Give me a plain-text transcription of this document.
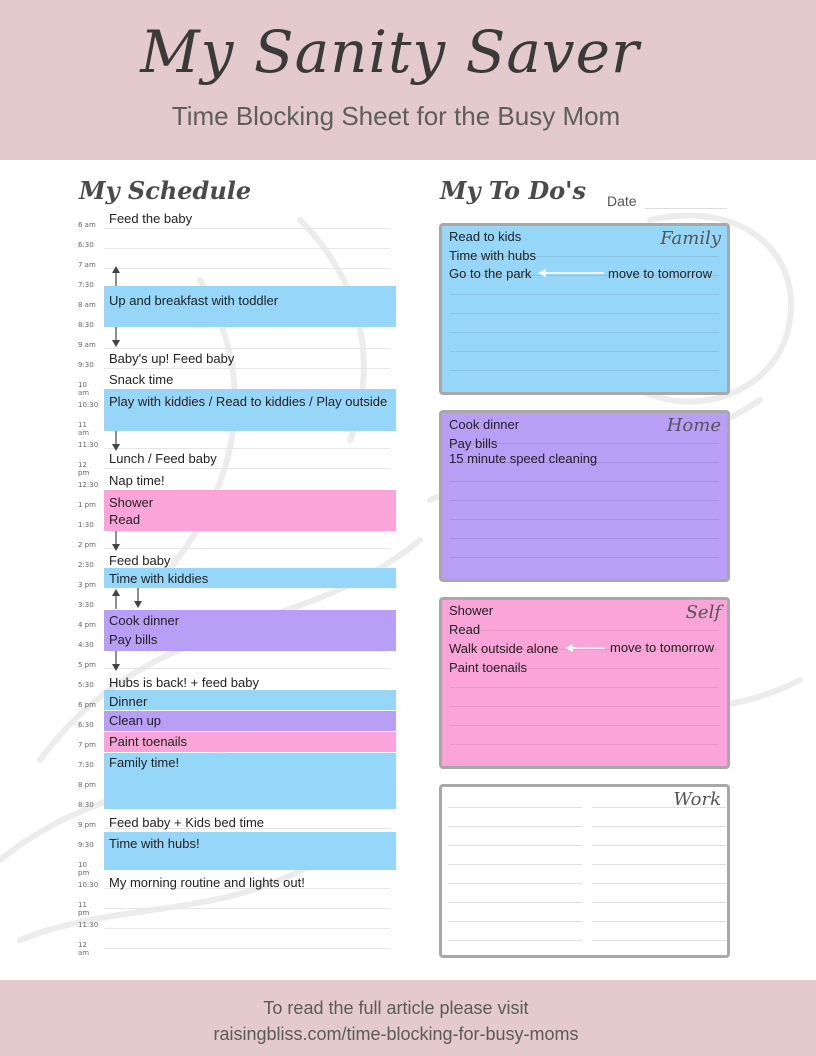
My Sanity Saver
Time Blocking Sheet for the Busy Mom
My Schedule
6 am
6:30
7 am
7:30
8 am
8:30
9 am
9:30
10 am
10:30
11 am
11:30
12 pm
12:30
1 pm
1:30
2 pm
2:30
3 pm
3:30
4 pm
4:30
5 pm
5:30
6 pm
6:30
7 pm
7:30
8 pm
8:30
9 pm
9:30
10 pm
10:30
11 pm
11:30
12 am
Feed the baby
Up and breakfast with toddler
Baby's up! Feed baby
Snack time
Play with kiddies / Read to kiddies / Play outside
Lunch / Feed baby
Nap time!
Shower
Read
Feed baby
Time with kiddies
Cook dinner
Pay bills
Hubs is back! + feed baby
Dinner
Clean up
Paint toenails
Family time!
Feed baby + Kids bed time
Time with hubs!
My morning routine and lights out!
My To Do's Date
Family
Read to kids
Time with hubs
Go to the park	move to tomorrow
Home
Cook dinner
Pay bills
15 minute speed cleaning
Self
Shower
Read
Walk outside alone
Paint toenails
move to tomorrow
Work
To read the full article please visit
raisingbliss.com/time-blocking-for-busy-moms
